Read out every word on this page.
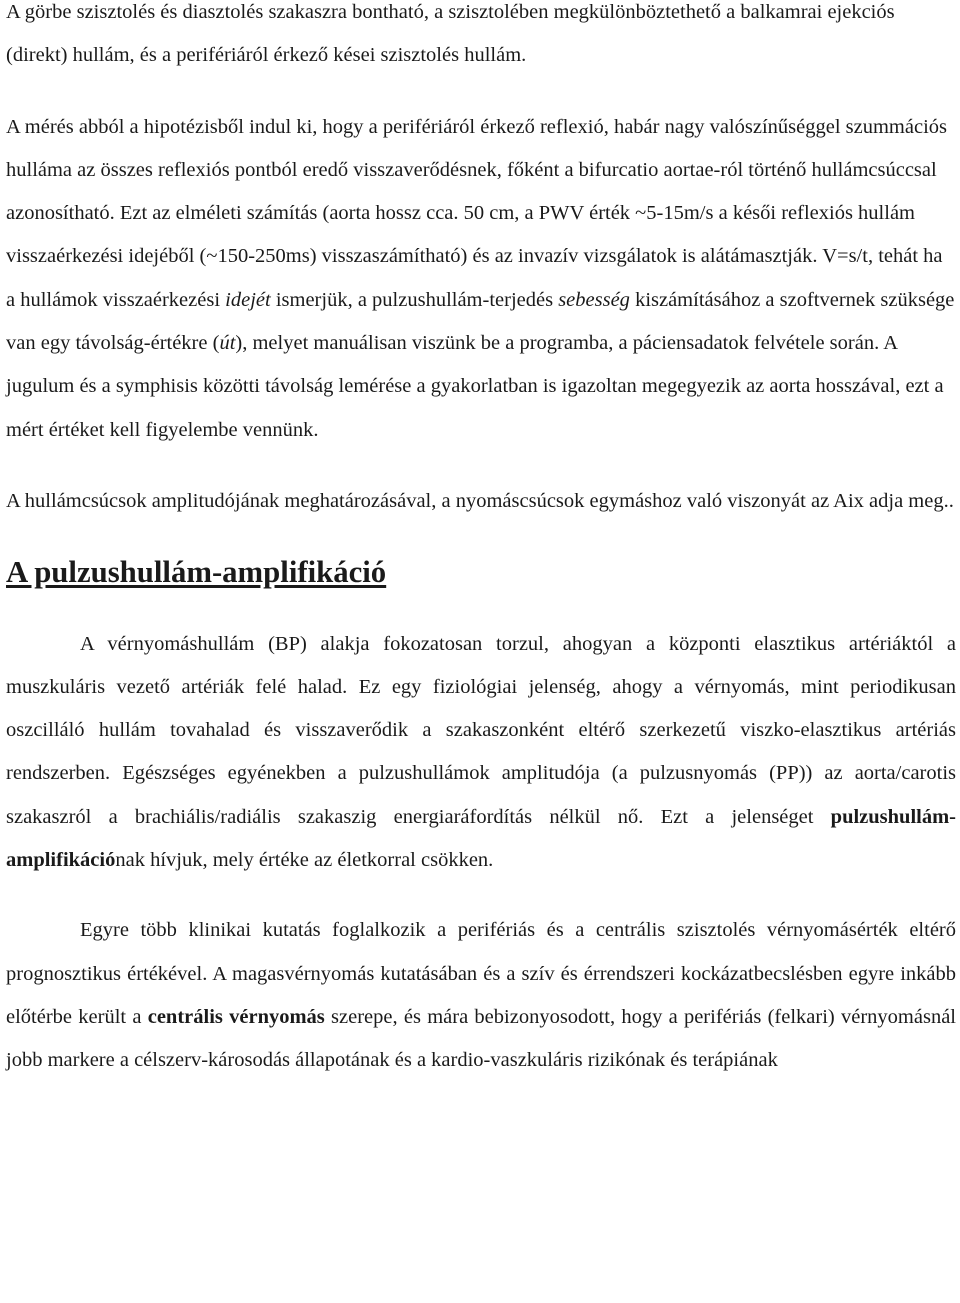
A görbe szisztolés és diasztolés szakaszra bontható, a szisztolében megkülönböztethető a balkamrai ejekciós (direkt) hullám, és a perifériáról érkező kései szisztolés hullám.

A mérés abból a hipotézisből indul ki, hogy a perifériáról érkező reflexió, habár nagy valószínűséggel szummációs hulláma az összes reflexiós pontból eredő visszaverődésnek, főként a bifurcatio aortae-ról történő hullámcsúccsal azonosítható. Ezt az elméleti számítás (aorta hossz cca. 50 cm, a PWV érték ~5-15m/s a késői reflexiós hullám visszaérkezési idejéből (~150-250ms) visszaszámítható) és az invazív vizsgálatok is alátámasztják. V=s/t, tehát ha a hullámok visszaérkezési idejét ismerjük, a pulzushullám-terjedés sebesség kiszámításához a szoftvernek szüksége van egy távolság-értékre (út), melyet manuálisan viszünk be a programba, a páciensadatok felvétele során. A jugulum és a symphisis közötti távolság lemérése a gyakorlatban is igazoltan megegyezik az aorta hosszával, ezt a mért értéket kell figyelembe vennünk.

A hullámcsúcsok amplitudójának meghatározásával, a nyomáscsúcsok egymáshoz való viszonyát az Aix adja meg..

A pulzushullám-amplifikáció

A vérnyomáshullám (BP) alakja fokozatosan torzul, ahogyan a központi elasztikus artériáktól a muszkuláris vezető artériák felé halad. Ez egy fiziológiai jelenség, ahogy a vérnyomás, mint periodikusan oszcilláló hullám tovahalad és visszaverődik a szakaszonként eltérő szerkezetű viszko-elasztikus artériás rendszerben. Egészséges egyénekben a pulzushullámok amplitudója (a pulzusnyomás (PP)) az aorta/carotis szakaszról a brachiális/radiális szakaszig energiaráfordítás nélkül nő. Ezt a jelenséget pulzushullám-amplifikációnak hívjuk, mely értéke az életkorral csökken.

Egyre több klinikai kutatás foglalkozik a perifériás és a centrális szisztolés vérnyomásérték eltérő prognosztikus értékével. A magasvérnyomás kutatásában és a szív és érrendszeri kockázatbecslésben egyre inkább előtérbe került a centrális vérnyomás szerepe, és mára bebizonyosodott, hogy a perifériás (felkari) vérnyomásnál jobb markere a célszerv-károsodás állapotának és a kardio-vaszkuláris rizikónak és terápiának
